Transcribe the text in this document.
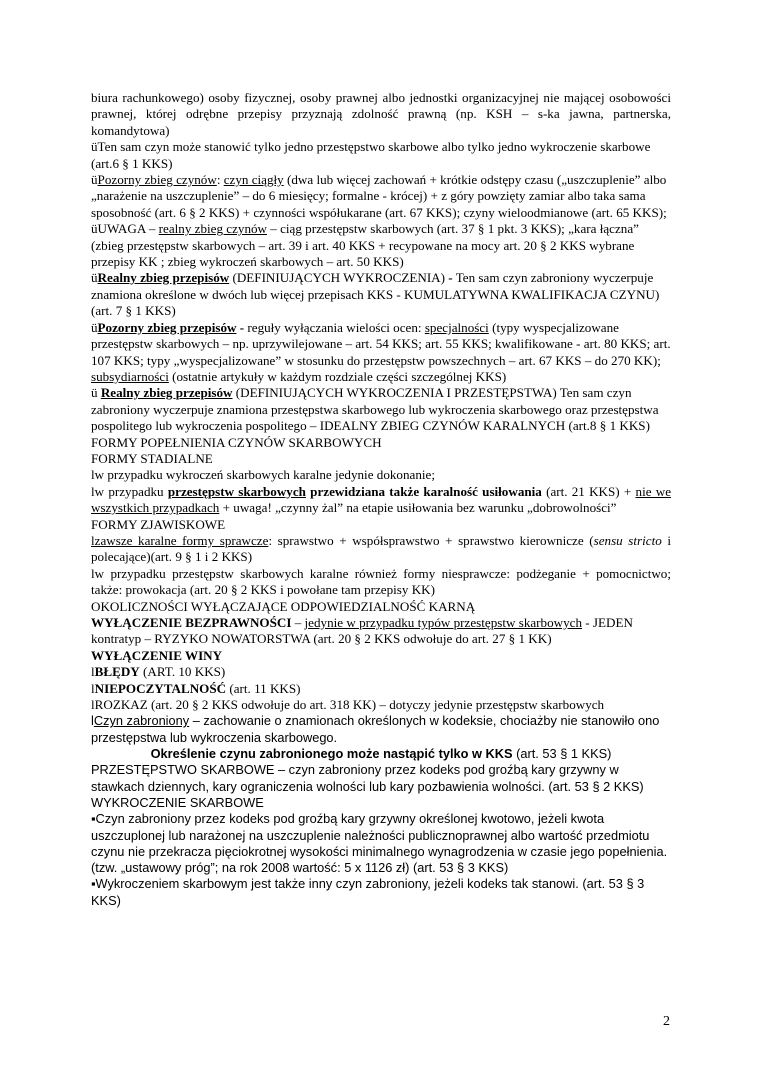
biura rachunkowego) osoby fizycznej, osoby prawnej albo jednostki organizacyjnej nie mającej osobowości prawnej, której odrębne przepisy przyznają zdolność prawną (np. KSH – s-ka jawna, partnerska, komandytowa)

üTen sam czyn może stanowić tylko jedno przestępstwo skarbowe albo tylko jedno wykroczenie skarbowe (art.6 § 1 KKS)

üPozorny zbieg czynów: czyn ciągły (dwa lub więcej zachowań + krótkie odstępy czasu („uszczuplenie” albo „narażenie na uszczuplenie” – do 6 miesięcy; formalne - krócej) + z góry powzięty zamiar albo taka sama sposobność (art. 6 § 2 KKS) + czynności współukarane (art. 67 KKS); czyny wieloodmianowe (art. 65 KKS);

üUWAGA – realny zbieg czynów – ciąg przestępstw skarbowych (art. 37 § 1 pkt. 3 KKS); „kara łączna” (zbieg przestępstw skarbowych – art. 39 i art. 40 KKS + recypowane na mocy art. 20 § 2 KKS wybrane przepisy KK ; zbieg wykroczeń skarbowych – art. 50 KKS)

üRealny zbieg przepisów (DEFINIUJĄCYCH WYKROCZENIA) - Ten sam czyn zabroniony wyczerpuje znamiona określone w dwóch lub więcej przepisach KKS - KUMULATYWNA KWALIFIKACJA CZYNU)(art. 7 § 1 KKS)

üPozorny zbieg przepisów - reguły wyłączania wielości ocen: specjalności (typy wyspecjalizowane przestępstw skarbowych – np. uprzywilejowane – art. 54 KKS; art. 55 KKS; kwalifikowane - art. 80 KKS; art. 107 KKS; typy „wyspecjalizowane” w stosunku do przestępstw powszechnych – art. 67 KKS – do 270 KK); subsydiarności (ostatnie artykuły w każdym rozdziale części szczególnej KKS)

ü Realny zbieg przepisów (DEFINIUJĄCYCH WYKROCZENIA I PRZESTĘPSTWA) Ten sam czyn zabroniony wyczerpuje znamiona przestępstwa skarbowego lub wykroczenia skarbowego oraz przestępstwa pospolitego lub wykroczenia pospolitego – IDEALNY ZBIEG CZYNÓW KARALNYCH (art.8 § 1 KKS)

FORMY POPEŁNIENIA CZYNÓW SKARBOWYCH

FORMY STADIALNE

lw przypadku wykroczeń skarbowych karalne jedynie dokonanie;

lw przypadku przestępstw skarbowych przewidziana także karalność usiłowania (art. 21 KKS) + nie we wszystkich przypadkach + uwaga! „czynny żal” na etapie usiłowania bez warunku „dobrowolności”

FORMY ZJAWISKOWE

lzawsze karalne formy sprawcze: sprawstwo + współsprawstwo + sprawstwo kierownicze (sensu stricto i polecające)(art. 9 § 1 i 2 KKS)

lw przypadku przestępstw skarbowych karalne również formy niesprawcze: podżeganie + pomocnictwo; także: prowokacja (art. 20 § 2 KKS i powołane tam przepisy KK)

OKOLICZNOŚCI WYŁĄCZAJĄCE ODPOWIEDZIALNOŚĆ KARNĄ

WYŁĄCZENIE BEZPRAWNOŚCI – jedynie w przypadku typów przestępstw skarbowych - JEDEN kontratyp – RYZYKO NOWATORSTWA (art. 20 § 2 KKS odwołuje do art. 27 § 1 KK)

WYŁĄCZENIE WINY

lBŁĘDY (ART. 10 KKS)

lNIEPOCZYTALNOŚĆ (art. 11 KKS)

lROZKAZ (art. 20 § 2 KKS odwołuje do art. 318 KK) – dotyczy jedynie przestępstw skarbowych

lCzyn zabroniony – zachowanie o znamionach określonych w kodeksie, chociażby nie stanowiło ono przestępstwa lub wykroczenia skarbowego.

Określenie czynu zabronionego może nastąpić tylko w KKS (art. 53 § 1 KKS)

PRZESTĘPSTWO SKARBOWE – czyn zabroniony przez kodeks pod groźbą kary grzywny w stawkach dziennych, kary ograniczenia wolności lub kary pozbawienia wolności. (art. 53 § 2 KKS)

WYKROCZENIE SKARBOWE

▪Czyn zabroniony przez kodeks pod groźbą kary grzywny określonej kwotowo, jeżeli kwota uszczuplonej lub narażonej na uszczuplenie należności publicznoprawnej albo wartość przedmiotu czynu nie przekracza pięciokrotnej wysokości minimalnego wynagrodzenia w czasie jego popełnienia. (tzw. „ustawowy próg”; na rok 2008 wartość: 5 x 1126 zł) (art. 53 § 3 KKS)

▪Wykroczeniem skarbowym jest także inny czyn zabroniony, jeżeli kodeks tak stanowi. (art. 53 § 3 KKS)

2
